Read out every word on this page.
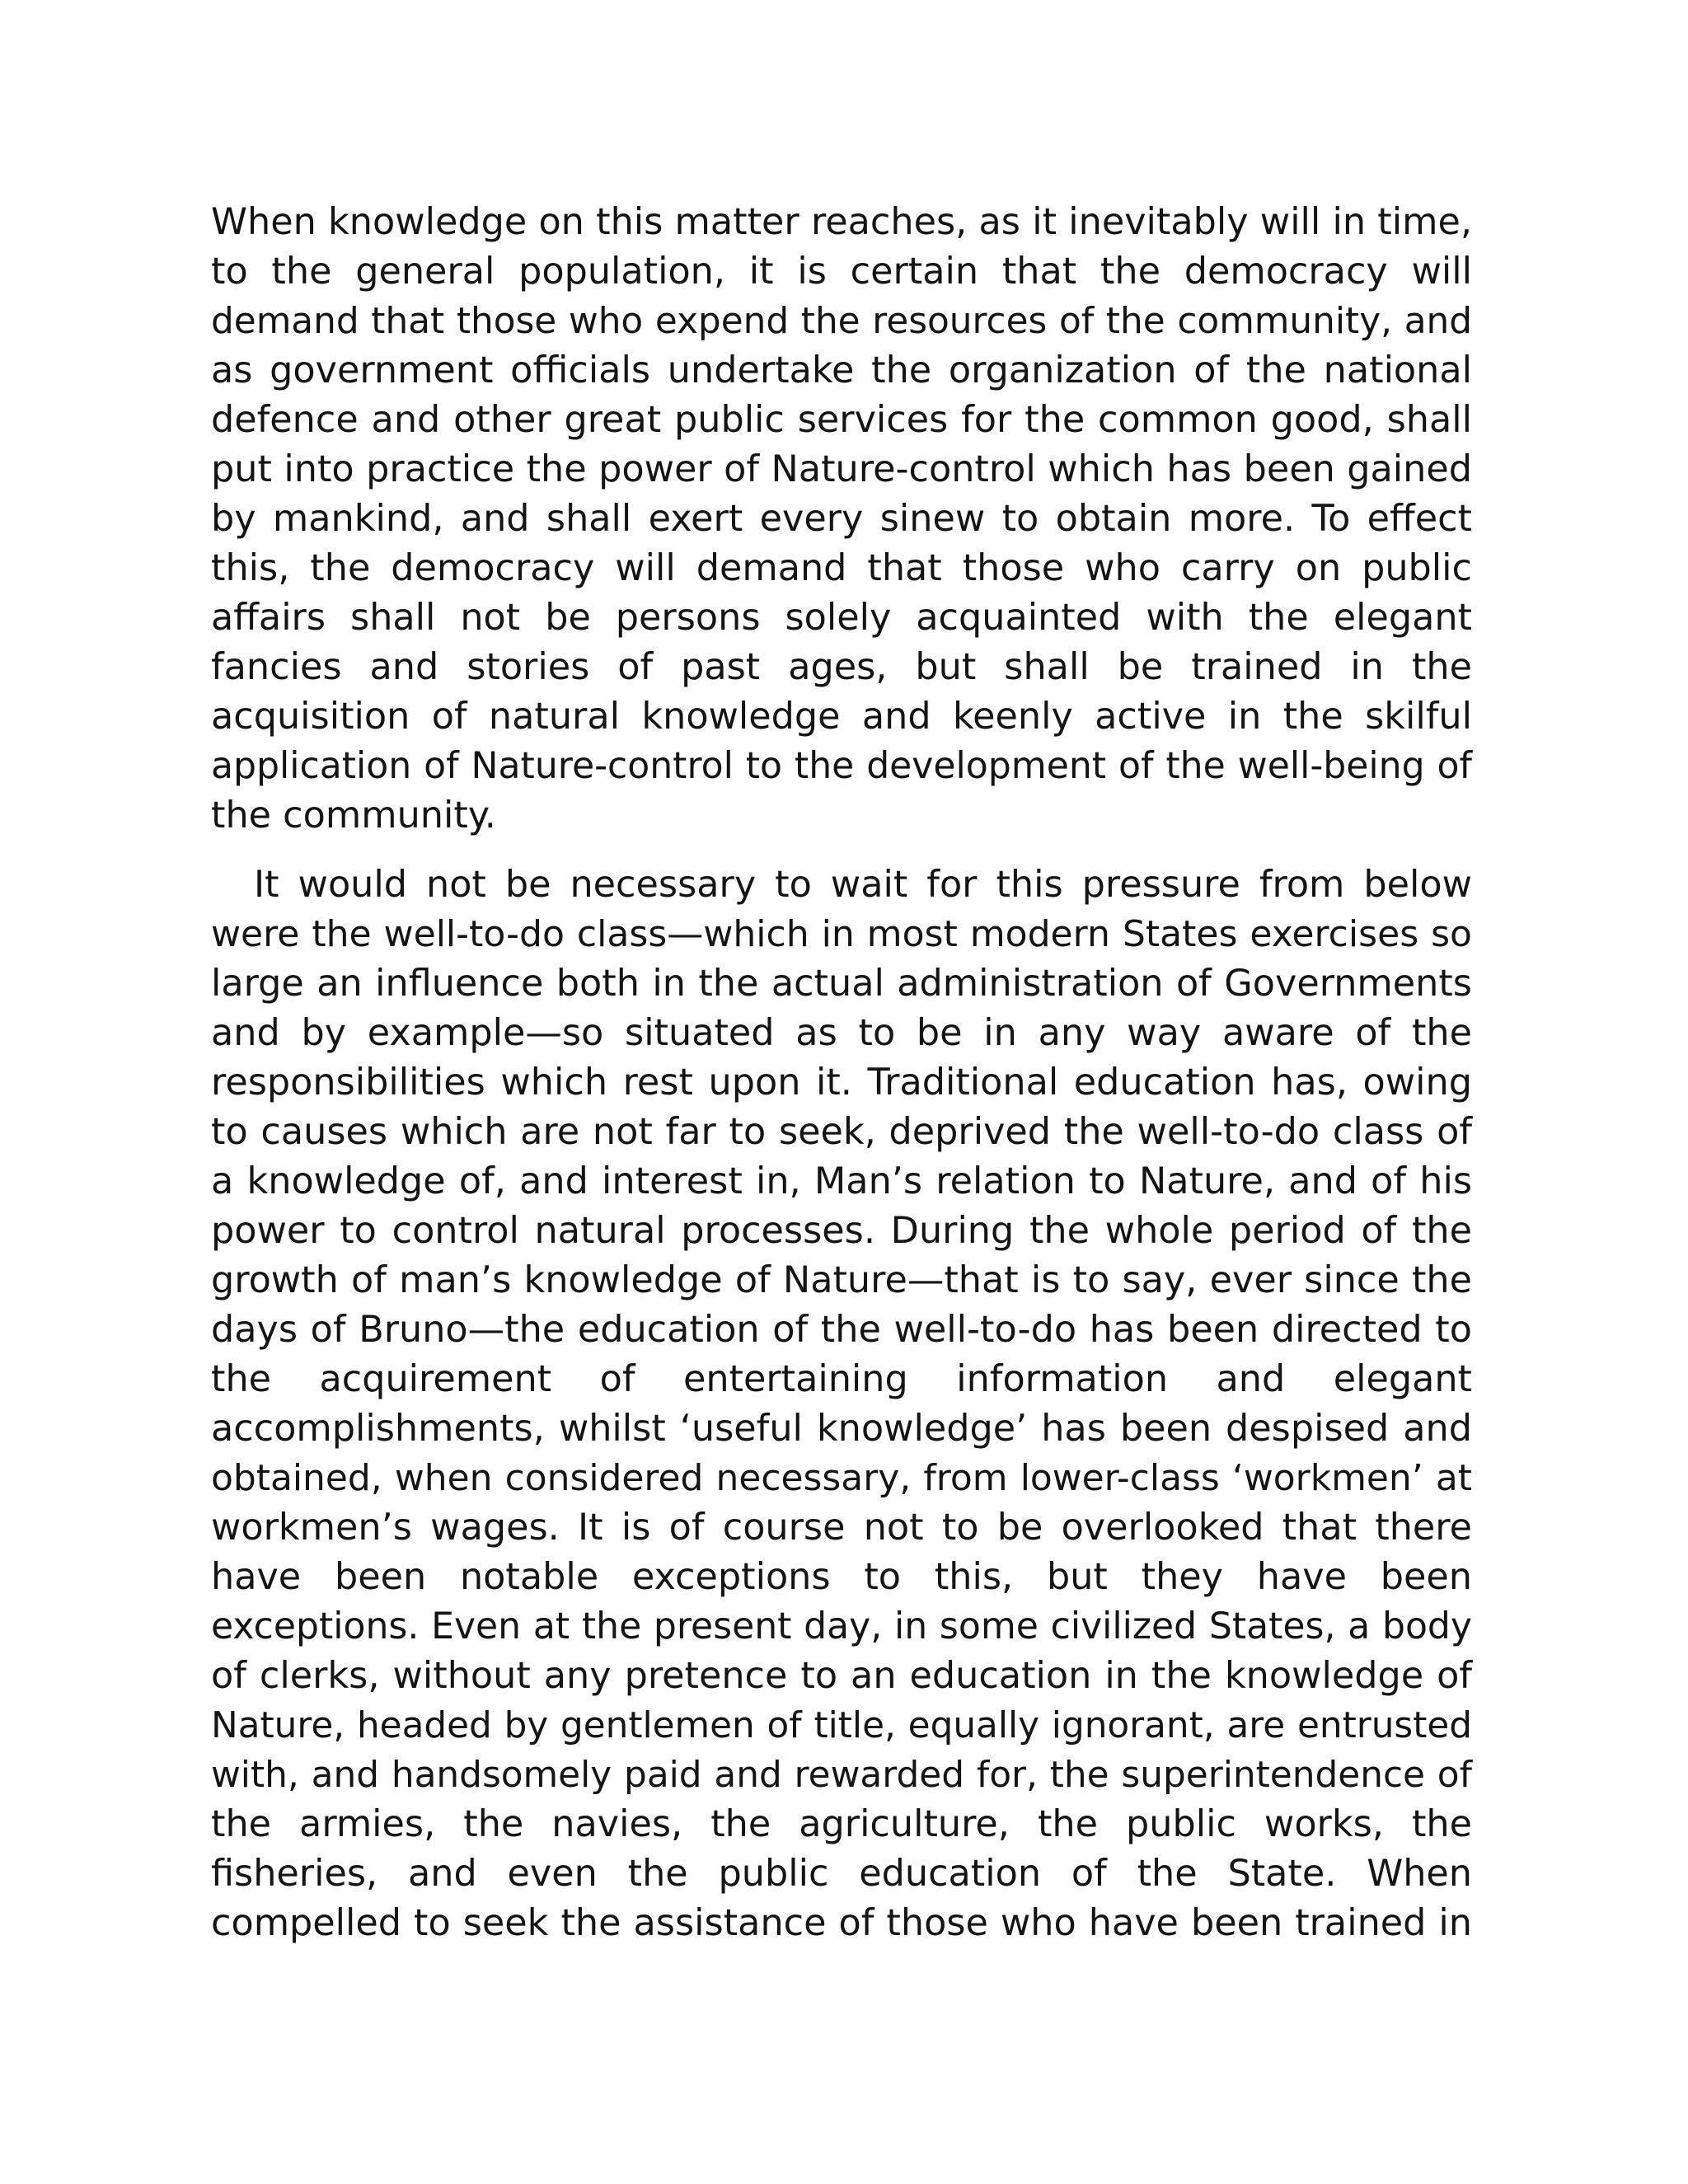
When knowledge on this matter reaches, as it inevitably will in time,
to the general population, it is certain that the democracy will
demand that those who expend the resources of the community, and
as government officials undertake the organization of the national
defence and other great public services for the common good, shall
put into practice the power of Nature-control which has been gained
by mankind, and shall exert every sinew to obtain more. To effect
this, the democracy will demand that those who carry on public
affairs shall not be persons solely acquainted with the elegant
fancies and stories of past ages, but shall be trained in the
acquisition of natural knowledge and keenly active in the skilful
application of Nature-control to the development of the well-being of
the community.
It would not be necessary to wait for this pressure from below
were the well-to-do class—which in most modern States exercises so
large an influence both in the actual administration of Governments
and by example—so situated as to be in any way aware of the
responsibilities which rest upon it. Traditional education has, owing
to causes which are not far to seek, deprived the well-to-do class of
a knowledge of, and interest in, Man’s relation to Nature, and of his
power to control natural processes. During the whole period of the
growth of man’s knowledge of Nature—that is to say, ever since the
days of Bruno—the education of the well-to-do has been directed to
the acquirement of entertaining information and elegant
accomplishments, whilst ‘useful knowledge’ has been despised and
obtained, when considered necessary, from lower-class ‘workmen’ at
workmen’s wages. It is of course not to be overlooked that there
have been notable exceptions to this, but they have been
exceptions. Even at the present day, in some civilized States, a body
of clerks, without any pretence to an education in the knowledge of
Nature, headed by gentlemen of title, equally ignorant, are entrusted
with, and handsomely paid and rewarded for, the superintendence of
the armies, the navies, the agriculture, the public works, the
fisheries, and even the public education of the State. When
compelled to seek the assistance of those who have been trained in
